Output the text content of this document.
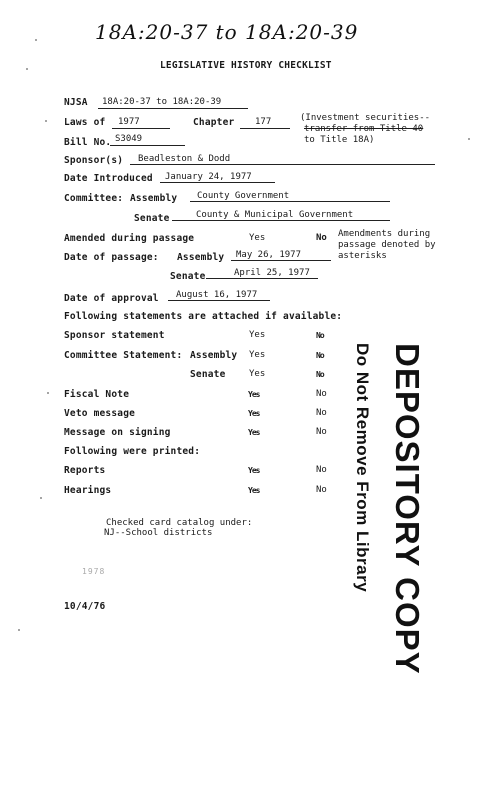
18A:20-37 to 18A:20-39
LEGISLATIVE HISTORY CHECKLIST
NJSA 18A:20-37 to 18A:20-39
Laws of 1977	Chapter 177	(Investment securities--
transfer from Title 40
to Title 18A)
Bill No. S3049
Sponsor(s) Beadleston & Dodd
Date Introduced January 24, 1977
Committee: Assembly County Government
Senate	County & Municipal Government
Amended during passage	Yes	No Amendments during
passage denoted by
asterisks
Date of passage: Assembly May 26, 1977
Senate	April 25, 1977
Date of approval August 16, 1977
Following statements are attached if available:
Sponsor statement	Yes	No
Committee Statement: Assembly Yes	No
Senate	Yes	No
Fiscal Note	Yes	No
Veto message	Yes	No
Message on signing	Yes	No
Following were printed:
Reports	Yes	No
Hearings	Yes	No
Checked card catalog under:
NJ--School districts
1978
10/4/76	DEPOSITORY COPY
Do Not Remove From Library
